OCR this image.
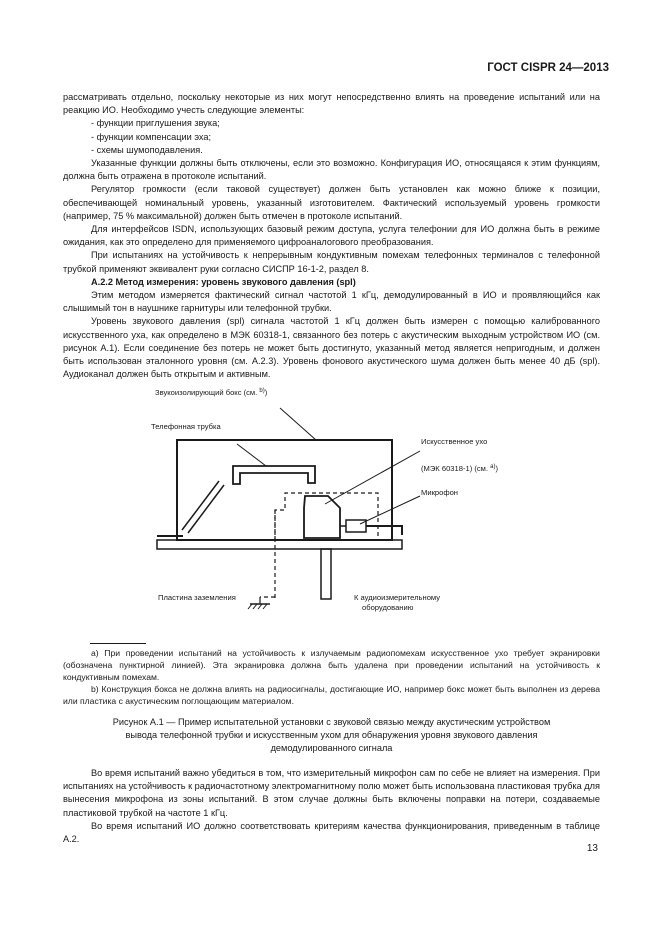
ГОСТ CISPR 24—2013

рассматривать отдельно, поскольку некоторые из них могут непосредственно влиять на проведение испытаний или на реакцию ИО. Необходимо учесть следующие элементы:

- функции приглушения звука;

- функции компенсации эха;

- схемы шумоподавления.

Указанные функции должны быть отключены, если это возможно. Конфигурация ИО, относящаяся к этим функциям, должна быть отражена в протоколе испытаний.

Регулятор громкости (если таковой существует) должен быть установлен как можно ближе к позиции, обеспечивающей номинальный уровень, указанный изготовителем. Фактический используемый уровень громкости (например, 75 % максимальной) должен быть отмечен в протоколе испытаний.

Для интерфейсов ISDN, использующих базовый режим доступа, услуга телефонии для ИО должна быть в режиме ожидания, как это определено для применяемого цифроаналогового преобразования.

При испытаниях на устойчивость к непрерывным кондуктивным помехам телефонных терминалов с телефонной трубкой применяют эквивалент руки согласно СИСПР 16-1-2, раздел 8.

А.2.2 Метод измерения: уровень звукового давления (spl)

Этим методом измеряется фактический сигнал частотой 1 кГц, демодулированный в ИО и проявляющийся как слышимый тон в наушнике гарнитуры или телефонной трубки.

Уровень звукового давления (spl) сигнала частотой 1 кГц должен быть измерен с помощью калиброванного искусственного уха, как определено в МЭК 60318-1, связанного без потерь с акустическим выходным устройством ИО (см. рисунок А.1). Если соединение без потерь не может быть достигнуто, указанный метод является непригодным, и должен быть использован эталонного уровня (см. А.2.3). Уровень фонового акустического шума должен быть менее 40 дБ (spl). Аудиоканал должен быть открытым и активным.

Звукоизолирующий бокс (см. $^{b)}$)
Телефонная трубка
Искусственное ухо
(МЭК 60318-1) (см. $^{a)}$)
Микрофон
Пластина заземления	К аудиоизмерительному
оборудованию

a) При проведении испытаний на устойчивость к излучаемым радиопомехам искусственное ухо требует экранировки (обозначена пунктирной линией). Эта экранировка должна быть удалена при проведении испытаний на устойчивость к кондуктивным помехам.

b) Конструкция бокса не должна влиять на радиосигналы, достигающие ИО, например бокс может быть выполнен из дерева или пластика с акустическим поглощающим материалом.

Рисунок А.1 — Пример испытательной установки с звуковой связью между акустическим устройством

вывода телефонной трубки и искусственным ухом для обнаружения уровня звукового давления

демодулированного сигнала

Во время испытаний важно убедиться в том, что измерительный микрофон сам по себе не влияет на измерения. При испытаниях на устойчивость к радиочастотному электромагнитному полю может быть использована пластиковая трубка для вынесения микрофона из зоны испытаний. В этом случае должны быть включены поправки на потери, создаваемые пластиковой трубкой на частоте 1 кГц.

Во время испытаний ИО должно соответствовать критериям качества функционирования, приведенным в таблице А.2.

13
